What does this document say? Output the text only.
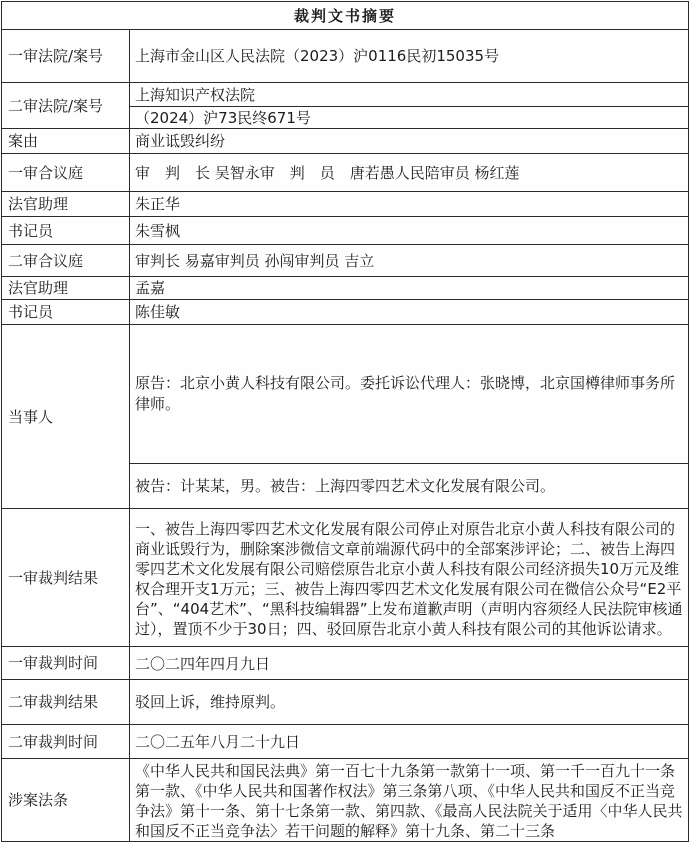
裁判文书摘要	
一审法院/案号	上海市金山区人民法院（2023）沪0116民初15035号
二审法院/案号	上海知识产权法院
（2024）沪73民终671号

案由	商业诋毁纠纷
一审合议庭	审　判　长 吴智永审　判　员　唐若愚人民陪审员 杨红莲
法官助理	朱正华
书记员	朱雪枫
二审合议庭	审判长 易嘉审判员 孙闯审判员 吉立
法官助理	孟嘉
书记员	陈佳敏
当事人	原告：北京小黄人科技有限公司。委托诉讼代理人：张晓博，北京国樽律师事务所律师。
被告：计某某，男。被告：上海四零四艺术文化发展有限公司。

一审裁判结果	一、被告上海四零四艺术文化发展有限公司停止对原告北京小黄人科技有限公司的商业诋毁行为，删除案涉微信文章前端源代码中的全部案涉评论；二、被告上海四零四艺术文化发展有限公司赔偿原告北京小黄人科技有限公司经济损失10万元及维权合理开支1万元；三、被告上海四零四艺术文化发展有限公司在微信公众号“E2平台”、“404艺术”、“黑科技编辑器”上发布道歉声明（声明内容须经人民法院审核通过），置顶不少于30日；四、驳回原告北京小黄人科技有限公司的其他诉讼请求。
一审裁判时间	二〇二四年四月九日
二审裁判结果	驳回上诉，维持原判。
二审裁判时间	二〇二五年八月二十九日
涉案法条	《中华人民共和国民法典》第一百七十九条第一款第十一项、第一千一百九十一条第一款、《中华人民共和国著作权法》第三条第八项、《中华人民共和国反不正当竞争法》第十一条、第十七条第一款、第四款、《最高人民法院关于适用〈中华人民共和国反不正当竞争法〉若干问题的解释》第十九条、第二十三条
